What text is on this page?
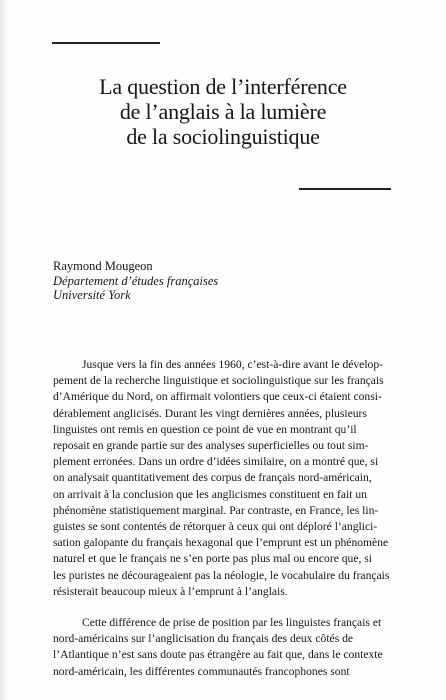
La question de l’interférence
de l’anglais à la lumière
de la sociolinguistique
Raymond Mougeon
Département d’études françaises
Université York
Jusque vers la fin des années 1960, c’est-à-dire avant le dévelop-
pement de la recherche linguistique et sociolinguistique sur les français
d’Amérique du Nord, on affirmait volontiers que ceux-ci étaient consi-
dérablement anglicisés. Durant les vingt dernières années, plusieurs
linguistes ont remis en question ce point de vue en montrant qu’il
reposait en grande partie sur des analyses superficielles ou tout sim-
plement erronées. Dans un ordre d’idées similaire, on a montré que, si
on analysait quantitativement des corpus de français nord-américain,
on arrivait à la conclusion que les anglicismes constituent en fait un
phénomène statistiquement marginal. Par contraste, en France, les lin-
guistes se sont contentés de rétorquer à ceux qui ont déploré l’anglici-
sation galopante du français hexagonal que l’emprunt est un phénomène
naturel et que le français ne s’en porte pas plus mal ou encore que, si
les puristes ne décourageaient pas la néologie, le vocabulaire du français
résisterait beaucoup mieux à l’emprunt à l’anglais.
Cette différence de prise de position par les linguistes français et
nord-américains sur l’anglicisation du français des deux côtés de
l’Atlantique n’est sans doute pas étrangère au fait que, dans le contexte
nord-américain, les différentes communautés francophones sont
